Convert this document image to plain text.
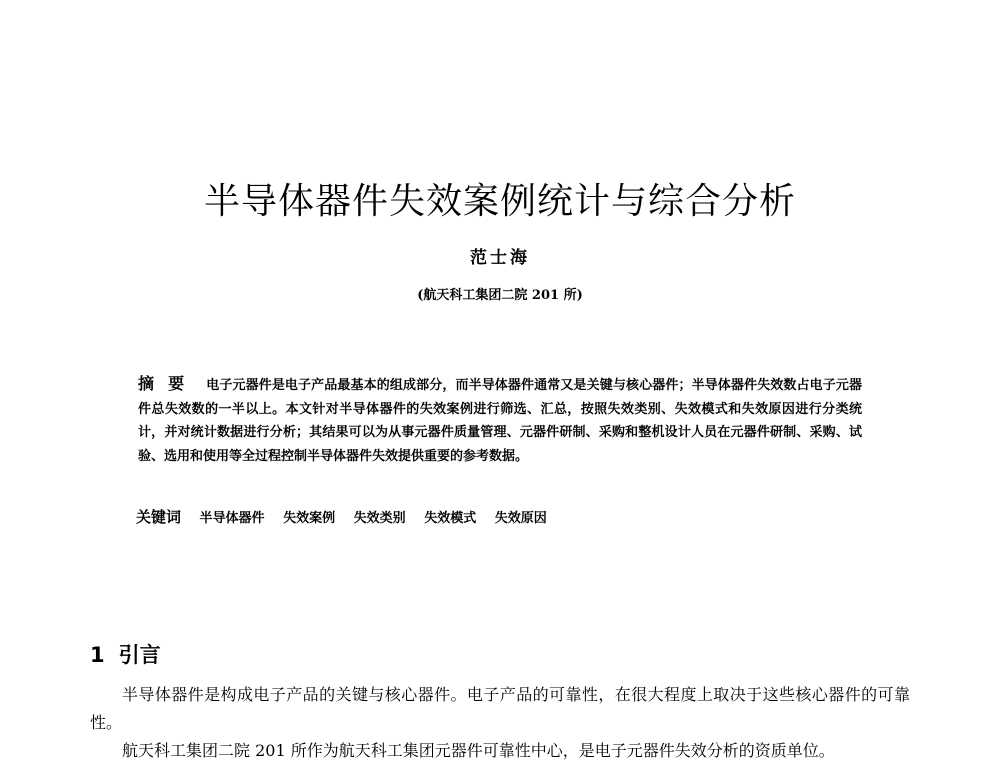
半导体器件失效案例统计与综合分析
范士海
(航天科工集团二院 201 所)
摘要 电子元器件是电子产品最基本的组成部分，而半导体器件通常又是关键与核心器件；半导体器件失效数占电子元器件总失效数的一半以上。本文针对半导体器件的失效案例进行筛选、汇总，按照失效类别、失效模式和失效原因进行分类统计，并对统计数据进行分析；其结果可以为从事元器件质量管理、元器件研制、采购和整机设计人员在元器件研制、采购、试验、选用和使用等全过程控制半导体器件失效提供重要的参考数据。
关键词 半导体器件 失效案例 失效类别 失效模式 失效原因
1 引言

半导体器件是构成电子产品的关键与核心器件。电子产品的可靠性，在很大程度上取决于这些核心器件的可靠性。

航天科工集团二院 201 所作为航天科工集团元器件可靠性中心，是电子元器件失效分析的资质单位。
